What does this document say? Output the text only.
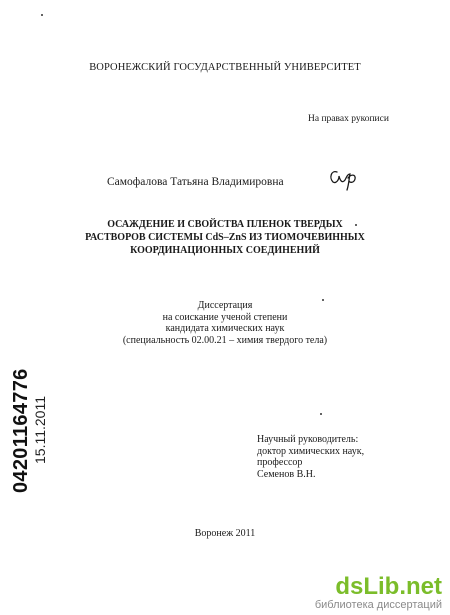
ВОРОНЕЖСКИЙ ГОСУДАРСТВЕННЫЙ УНИВЕРСИТЕТ
На правах рукописи
Самофалова Татьяна Владимировна
ОСАЖДЕНИЕ И СВОЙСТВА ПЛЕНОК ТВЕРДЫХ
РАСТВОРОВ СИСТЕМЫ CdS–ZnS ИЗ ТИОМОЧЕВИННЫХ
КООРДИНАЦИОННЫХ СОЕДИНЕНИЙ
Диссертация
на соискание ученой степени
кандидата химических наук
(специальность 02.00.21 – химия твердого тела)
Научный руководитель:
доктор химических наук,
профессор
Семенов В.Н.
Воронеж 2011
04201164776 15.11.2011
dsLib.net
библиотека диссертаций
